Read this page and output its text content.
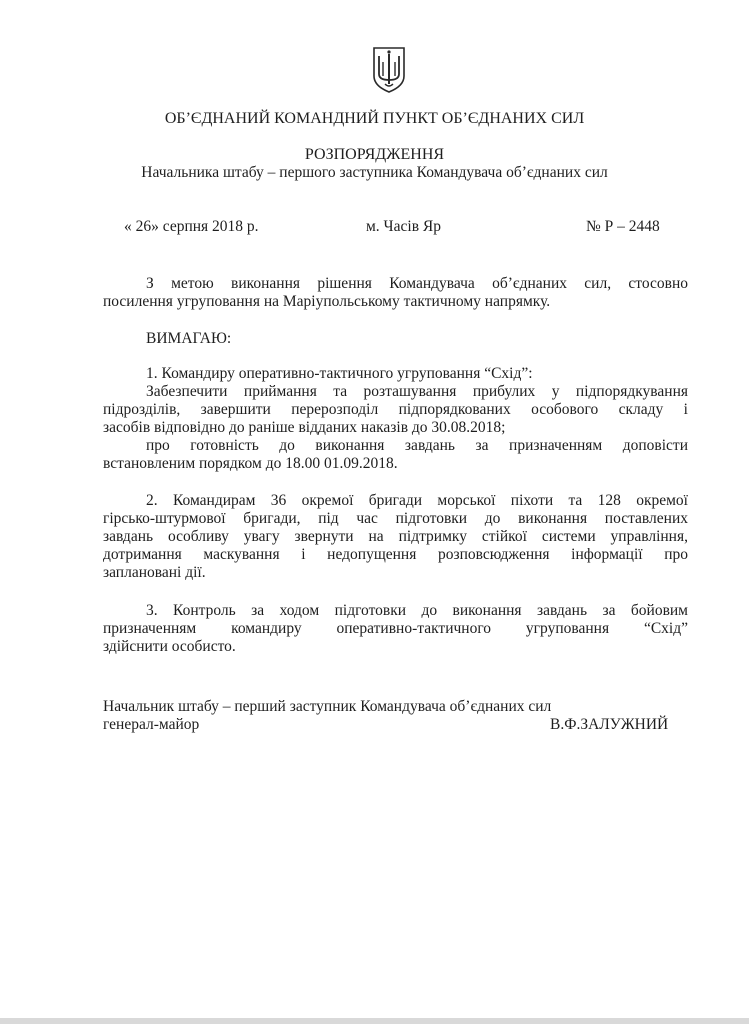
ОБ’ЄДНАНИЙ КОМАНДНИЙ ПУНКТ ОБ’ЄДНАНИХ СИЛ
РОЗПОРЯДЖЕННЯ
Начальника штабу – першого заступника Командувача об’єднаних сил
« 26» серпня 2018 р.	м. Часів Яр	№ Р – 2448
З метою виконання рішення Командувача об’єднаних сил, стосовно
посилення угруповання на Маріупольському тактичному напрямку.
ВИМАГАЮ:
1. Командиру оперативно-тактичного угруповання “Схід”:
Забезпечити приймання та розташування прибулих у підпорядкування
підрозділів, завершити перерозподіл підпорядкованих особового складу і
засобів відповідно до раніше відданих наказів до 30.08.2018;
про готовність до виконання завдань за призначенням доповісти
встановленим порядком до 18.00 01.09.2018.
2. Командирам 36 окремої бригади морської піхоти та 128 окремої
гірсько-штурмової бригади, під час підготовки до виконання поставлених
завдань особливу увагу звернути на підтримку стійкої системи управління,
дотримання маскування і недопущення розповсюдження інформації про
заплановані дії.
3. Контроль за ходом підготовки до виконання завдань за бойовим
призначенням командиру оперативно-тактичного угруповання “Схід”
здійснити особисто.
Начальник штабу – перший заступник Командувача об’єднаних сил
генерал-майор	В.Ф.ЗАЛУЖНИЙ
